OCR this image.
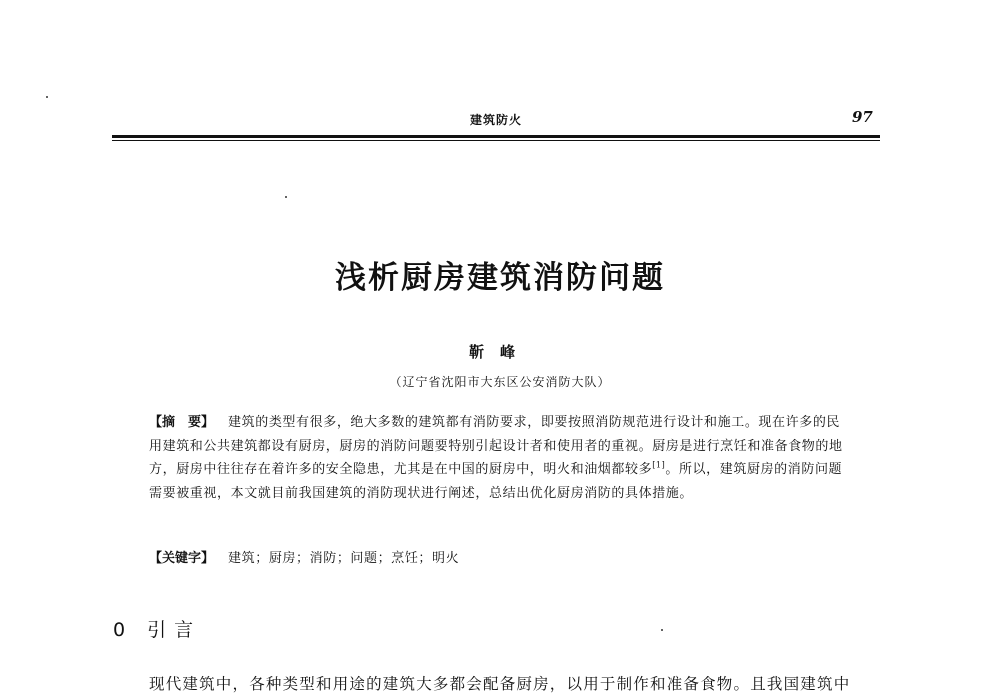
建筑防火	97
浅析厨房建筑消防问题
靳峰
（辽宁省沈阳市大东区公安消防大队）
【摘　要】 建筑的类型有很多，绝大多数的建筑都有消防要求，即要按照消防规范进行设计和施工。现在许多的民用建筑和公共建筑都设有厨房，厨房的消防问题要特别引起设计者和使用者的重视。厨房是进行烹饪和准备食物的地方，厨房中往往存在着许多的安全隐患，尤其是在中国的厨房中，明火和油烟都较多[1]。所以，建筑厨房的消防问题需要被重视，本文就目前我国建筑的消防现状进行阐述，总结出优化厨房消防的具体措施。
【关键字】 建筑；厨房；消防；问题；烹饪；明火
0 引言
现代建筑中，各种类型和用途的建筑大多都会配备厨房，以用于制作和准备食物。且我国建筑中
